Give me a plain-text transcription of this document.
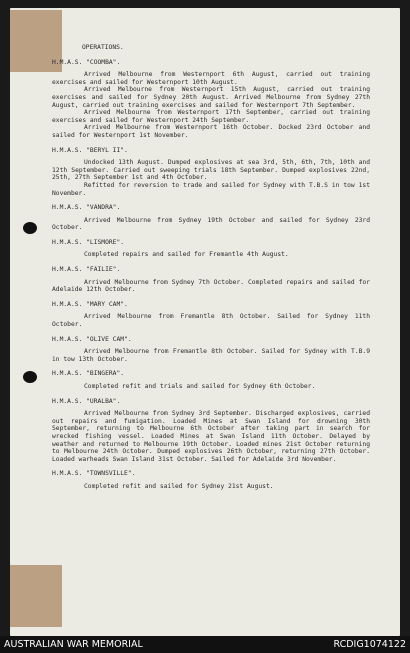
OPERATIONS.
H.M.A.S. "COOMBA".
Arrived Melbourne from Westernport 6th August, carried out training exercises and sailed for Westernport 10th August.
Arrived Melbourne from Westernport 15th August, carried out training exercises and sailed for Sydney 20th August. Arrived Melbourne from Sydney 27th August, carried out training exercises and sailed for Westernport 7th September.
Arrived Melbourne from Westernport 17th September, carried out training exercises and sailed for Westernport 24th September.
Arrived Melbourne from Westernport 16th October. Docked 23rd October and sailed for Westernport 1st November.
H.M.A.S. "BERYL II".
Undocked 13th August. Dumped explosives at sea 3rd, 5th, 6th, 7th, 10th and 12th September. Carried out sweeping trials 18th September. Dumped explosives 22nd, 25th, 27th September 1st and 4th October.
Refitted for reversion to trade and sailed for Sydney with T.B.S in tow 1st November.
H.M.A.S. "VANDRA".
Arrived Melbourne from Sydney 19th October and sailed for Sydney 23rd October.
H.M.A.S. "LISMORE".
Completed repairs and sailed for Fremantle 4th August.
H.M.A.S. "FAILIE".
Arrived Melbourne from Sydney 7th October. Completed repairs and sailed for Adelaide 12th October.
H.M.A.S. "MARY CAM".
Arrived Melbourne from Fremantle 8th October. Sailed for Sydney 11th October.
H.M.A.S. "OLIVE CAM".
Arrived Melbourne from Fremantle 8th October. Sailed for Sydney with T.B.9 in tow 13th October.
H.M.A.S. "BINGERA".
Completed refit and trials and sailed for Sydney 6th October.
H.M.A.S. "URALBA".
Arrived Melbourne from Sydney 3rd September. Discharged explosives, carried out repairs and fumigation. Loaded Mines at Swan Island for drowning 30th September, returning to Melbourne 6th October after taking part in search for wrecked fishing vessel. Loaded Mines at Swan Island 11th October. Delayed by weather and returned to Melbourne 19th October. Loaded mines 21st October returning to Melbourne 24th October. Dumped explosives 26th October, returning 27th October. Loaded warheads Swan Island 31st October. Sailed for Adelaide 3rd November.
H.M.A.S. "TOWNSVILLE".
Completed refit and sailed for Sydney 21st August.
AUSTRALIAN WAR MEMORIAL	RCDIG1074122
